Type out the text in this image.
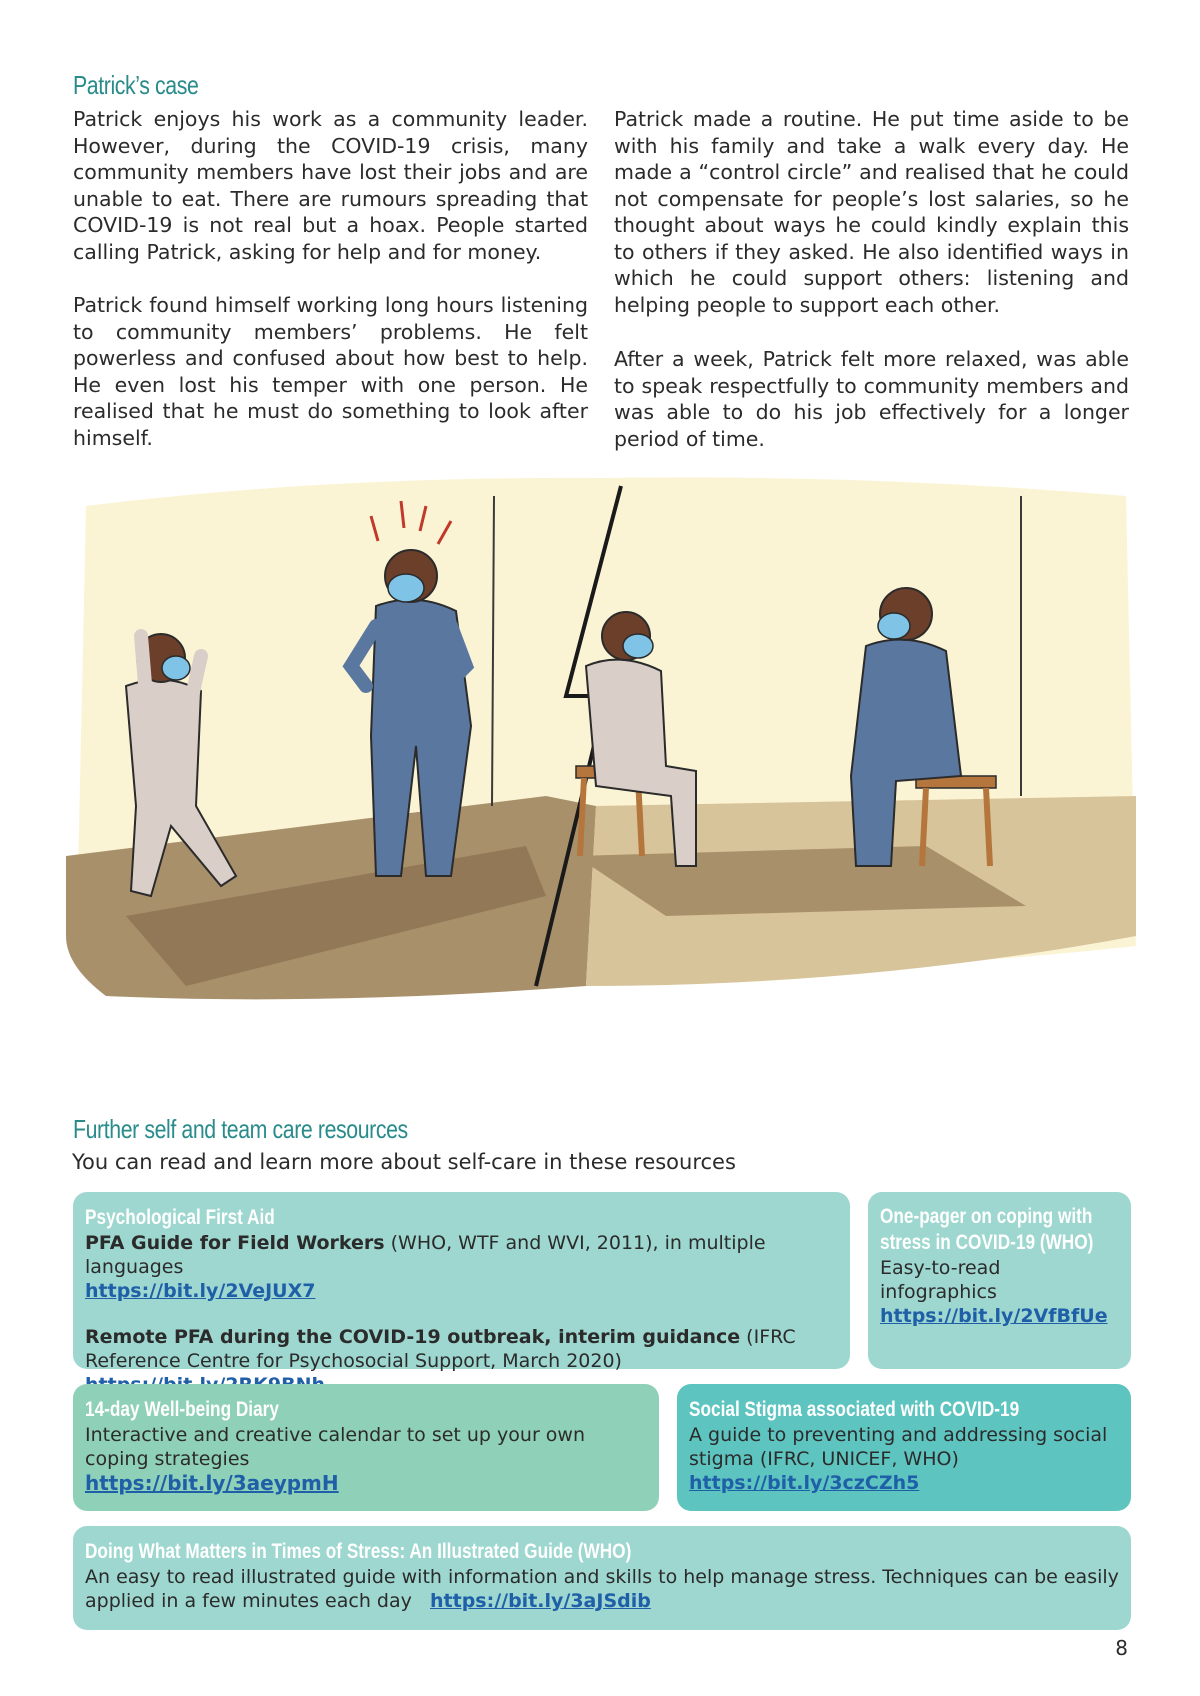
Patrick’s case

Patrick enjoys his work as a community leader. However, during the COVID-19 crisis, many community members have lost their jobs and are unable to eat. There are rumours spreading that COVID-19 is not real but a hoax. People started calling Patrick, asking for help and for money.

Patrick found himself working long hours listening to community members’ problems. He felt powerless and confused about how best to help. He even lost his temper with one person. He realised that he must do something to look after himself.

Patrick made a routine. He put time aside to be with his family and take a walk every day. He made a “control circle” and realised that he could not compensate for people’s lost salaries, so he thought about ways he could kindly explain this to others if they asked. He also identified ways in which he could support others: listening and helping people to support each other.

After a week, Patrick felt more relaxed, was able to speak respectfully to community members and was able to do his job effectively for a longer period of time.

Further self and team care resources

You can read and learn more about self-care in these resources

Psychological First Aid

PFA Guide for Field Workers (WHO, WTF and WVI, 2011), in multiple languages
https://bit.ly/2VeJUX7

Remote PFA during the COVID-19 outbreak, interim guidance (IFRC Reference Centre for Psychosocial Support, March 2020)

One-pager on coping with
stress in COVID-19 (WHO)

Easy-to-read infographics

https://bit.ly/2VfBfUe
14-day Well-being Diary

Interactive and creative calendar to set up your own coping strategies

https://bit.ly/3aeypmH
Social Stigma associated with COVID-19

A guide to preventing and addressing social stigma (IFRC, UNICEF, WHO)

https://bit.ly/3czCZh5
Doing What Matters in Times of Stress: An Illustrated Guide (WHO)

An easy to read illustrated guide with information and skills to help manage stress. Techniques can be easily applied in a few minutes each day https://bit.ly/3aJSdib

8
